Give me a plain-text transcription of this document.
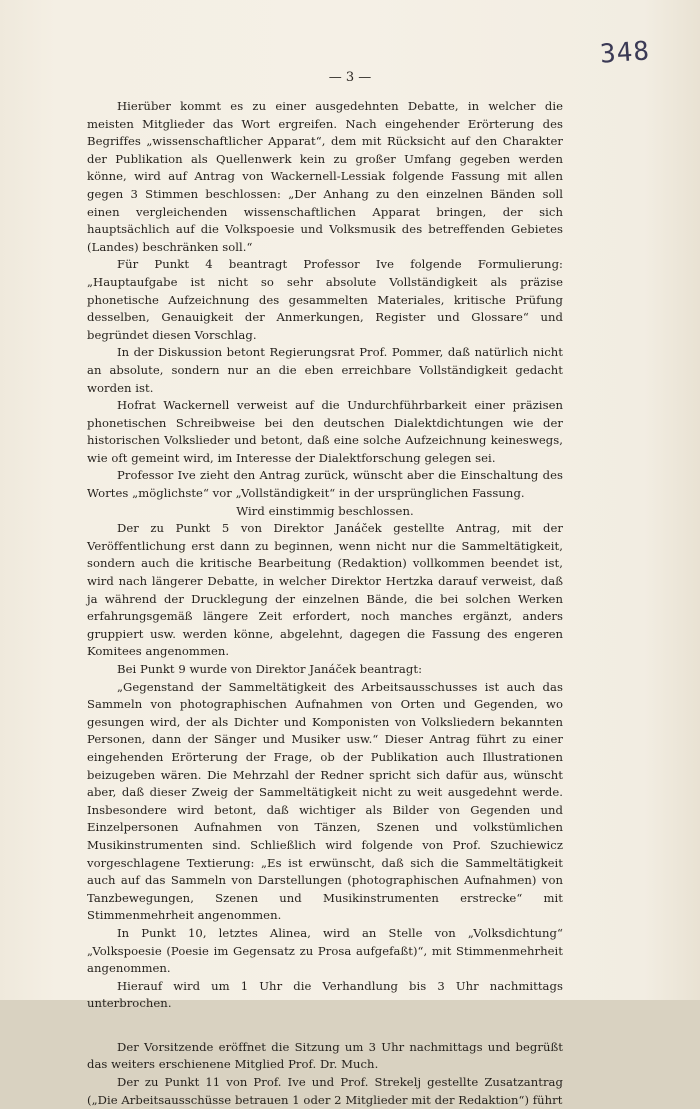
348
— 3 —

Hierüber kommt es zu einer ausgedehnten Debatte, in welcher die meisten Mitglieder das Wort ergreifen. Nach eingehender Erörterung des Begriffes „wissenschaftlicher Apparat“, dem mit Rücksicht auf den Charakter der Publikation als Quellenwerk kein zu großer Umfang gegeben werden könne, wird auf Antrag von Wackernell-Lessiak folgende Fassung mit allen gegen 3 Stimmen beschlossen: „Der Anhang zu den einzelnen Bänden soll einen vergleichenden wissenschaftlichen Apparat bringen, der sich hauptsächlich auf die Volkspoesie und Volksmusik des betreffenden Gebietes (Landes) beschränken soll.“

Für Punkt 4 beantragt Professor Ive folgende Formulierung: „Hauptaufgabe ist nicht so sehr absolute Vollständigkeit als präzise phonetische Aufzeichnung des gesammelten Materiales, kritische Prüfung desselben, Genauigkeit der Anmerkungen, Register und Glossare“ und begründet diesen Vorschlag.

In der Diskussion betont Regierungsrat Prof. Pommer, daß natürlich nicht an absolute, sondern nur an die eben erreichbare Vollständigkeit gedacht worden ist.

Hofrat Wackernell verweist auf die Undurchführbarkeit einer präzisen phonetischen Schreibweise bei den deutschen Dialektdichtungen wie der historischen Volkslieder und betont, daß eine solche Aufzeichnung keineswegs, wie oft gemeint wird, im Interesse der Dialektforschung gelegen sei.

Professor Ive zieht den Antrag zurück, wünscht aber die Einschaltung des Wortes „möglichste“ vor „Vollständigkeit“ in der ursprünglichen Fassung.

Wird einstimmig beschlossen.

Der zu Punkt 5 von Direktor Janáček gestellte Antrag, mit der Veröffentlichung erst dann zu beginnen, wenn nicht nur die Sammeltätigkeit, sondern auch die kritische Bearbeitung (Redaktion) vollkommen beendet ist, wird nach längerer Debatte, in welcher Direktor Hertzka darauf verweist, daß ja während der Drucklegung der einzelnen Bände, die bei solchen Werken erfahrungsgemäß längere Zeit erfordert, noch manches ergänzt, anders gruppiert usw. werden könne, abgelehnt, dagegen die Fassung des engeren Komitees angenommen.

Bei Punkt 9 wurde von Direktor Janáček beantragt:

„Gegenstand der Sammeltätigkeit des Arbeitsausschusses ist auch das Sammeln von photographischen Aufnahmen von Orten und Gegenden, wo gesungen wird, der als Dichter und Komponisten von Volksliedern bekannten Personen, dann der Sänger und Musiker usw.“ Dieser Antrag führt zu einer eingehenden Erörterung der Frage, ob der Publikation auch Illustrationen beizugeben wären. Die Mehrzahl der Redner spricht sich dafür aus, wünscht aber, daß dieser Zweig der Sammeltätigkeit nicht zu weit ausgedehnt werde. Insbesondere wird betont, daß wichtiger als Bilder von Gegenden und Einzelpersonen Aufnahmen von Tänzen, Szenen und volkstümlichen Musikinstrumenten sind. Schließlich wird folgende von Prof. Szuchiewicz vorgeschlagene Textierung: „Es ist erwünscht, daß sich die Sammeltätigkeit auch auf das Sammeln von Darstellungen (photographischen Aufnahmen) von Tanzbewegungen, Szenen und Musikinstrumenten erstrecke“ mit Stimmenmehrheit angenommen.

In Punkt 10, letztes Alinea, wird an Stelle von „Volksdichtung“ „Volkspoesie (Poesie im Gegensatz zu Prosa aufgefaßt)“, mit Stimmenmehrheit angenommen.

Hierauf wird um 1 Uhr die Verhandlung bis 3 Uhr nachmittags unterbrochen.

Der Vorsitzende eröffnet die Sitzung um 3 Uhr nachmittags und begrüßt das weiters erschienene Mitglied Prof. Dr. Much.

Der zu Punkt 11 von Prof. Ive und Prof. Strekelj gestellte Zusatzantrag („Die Arbeitsausschüsse betrauen 1 oder 2 Mitglieder mit der Redaktion“) führt
